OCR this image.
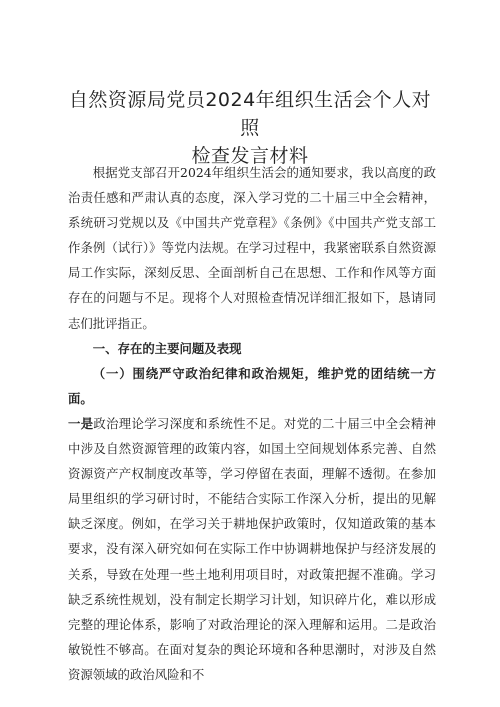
自然资源局党员2024年组织生活会个人对照
检查发言材料

根据党支部召开2024年组织生活会的通知要求，我以高度的政治责任感和严肃认真的态度，深入学习党的二十届三中全会精神，系统研习党规以及《中国共产党章程》《条例》《中国共产党支部工作条例（试行）》等党内法规。在学习过程中，我紧密联系自然资源局工作实际，深刻反思、全面剖析自己在思想、工作和作风等方面存在的问题与不足。现将个人对照检查情况详细汇报如下，恳请同志们批评指正。

一、存在的主要问题及表现

（一）围绕严守政治纪律和政治规矩，维护党的团结统一方面。

一是政治理论学习深度和系统性不足。对党的二十届三中全会精神中涉及自然资源管理的政策内容，如国土空间规划体系完善、自然资源资产产权制度改革等，学习停留在表面，理解不透彻。在参加局里组织的学习研讨时，不能结合实际工作深入分析，提出的见解缺乏深度。例如，在学习关于耕地保护政策时，仅知道政策的基本要求，没有深入研究如何在实际工作中协调耕地保护与经济发展的关系，导致在处理一些土地利用项目时，对政策把握不准确。学习缺乏系统性规划，没有制定长期学习计划，知识碎片化，难以形成完整的理论体系，影响了对政治理论的深入理解和运用。二是政治敏锐性不够高。在面对复杂的舆论环境和各种思潮时，对涉及自然资源领域的政治风险和不
